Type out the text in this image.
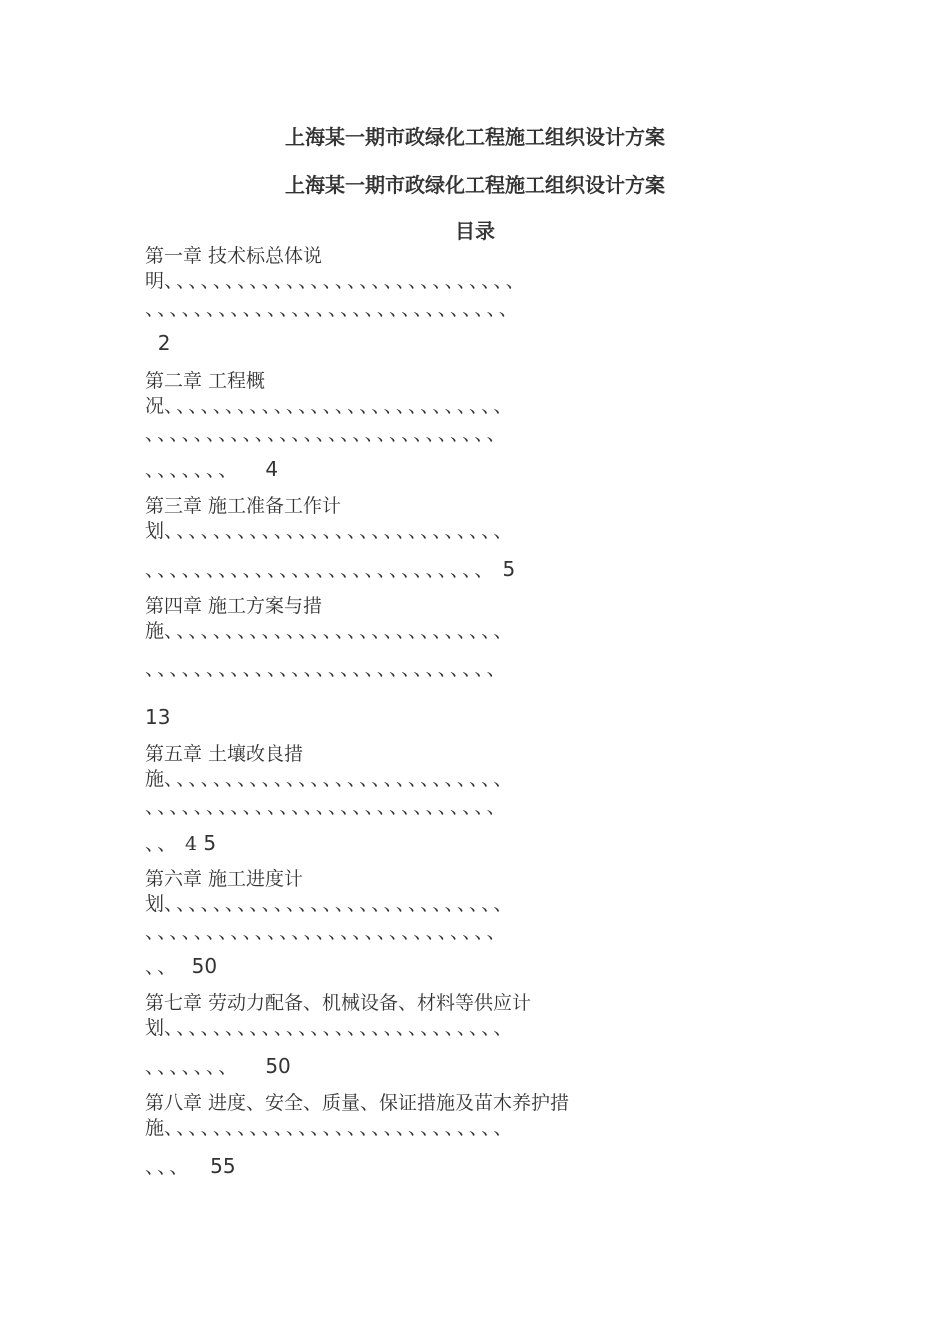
上海某一期市政绿化工程施工组织设计方案
上海某一期市政绿化工程施工组织设计方案
目录
第一章 技术标总体说
明、、、、、、、、、、、、、、、、、、、、、、、、、、、、、
、、、、、、、、、、、、、、、、、、、、、、、、、、、、、、
2
第二章 工程概
况、、、、、、、、、、、、、、、、、、、、、、、、、、、、
、、、、、、、、、、、、、、、、、、、、、、、、、、、、、
、、、、、、、    4
第三章 施工准备工作计
划、、、、、、、、、、、、、、、、、、、、、、、、、、、、
、、、、、、、、、、、、、、、、、、、、、、、、、、、、 5
第四章 施工方案与措
施、、、、、、、、、、、、、、、、、、、、、、、、、、、、
、、、、、、、、、、、、、、、、、、、、、、、、、、、、、
13
第五章 土壤改良措
施、、、、、、、、、、、、、、、、、、、、、、、、、、、、
、、、、、、、、、、、、、、、、、、、、、、、、、、、、、
、、 4 5
第六章 施工进度计
划、、、、、、、、、、、、、、、、、、、、、、、、、、、、
、、、、、、、、、、、、、、、、、、、、、、、、、、、、、
、、  50
第七章 劳动力配备、机械设备、材料等供应计
划、、、、、、、、、、、、、、、、、、、、、、、、、、、、
、、、、、、、    50
第八章 进度、安全、质量、保证措施及苗木养护措
施、、、、、、、、、、、、、、、、、、、、、、、、、、、、
、、、   55
